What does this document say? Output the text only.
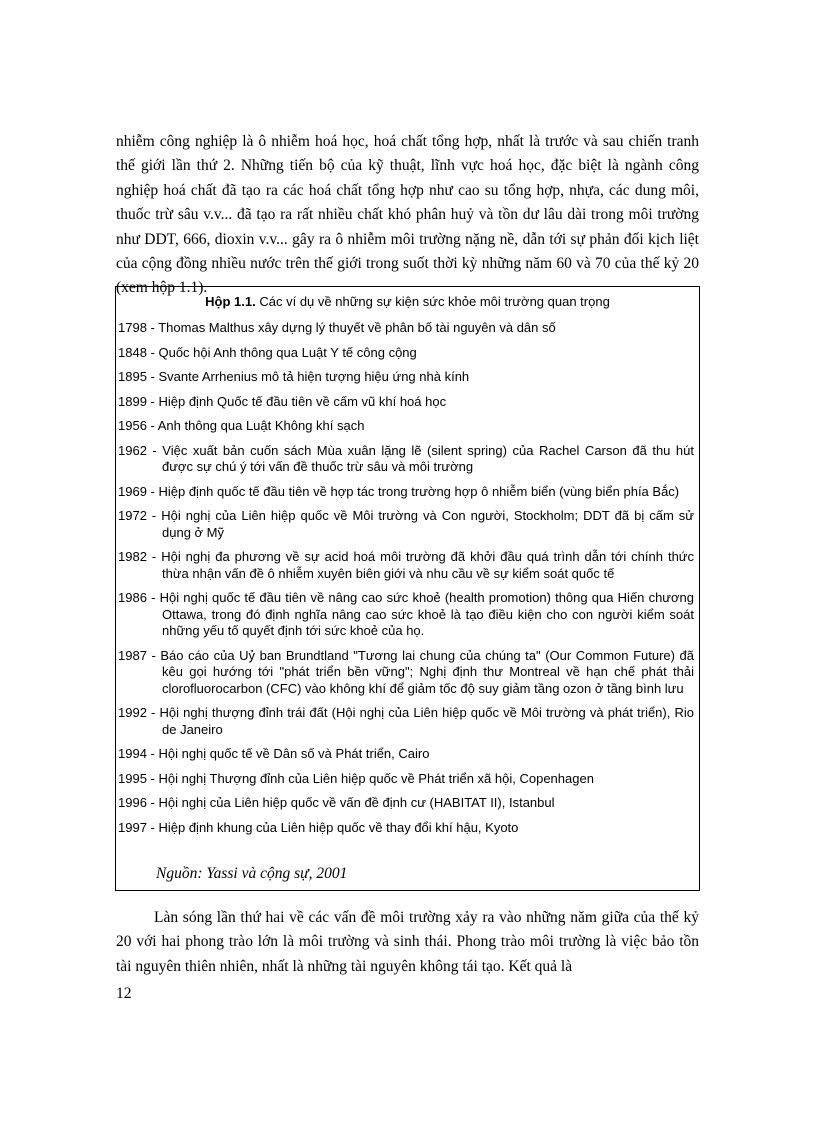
nhiễm công nghiệp là ô nhiễm hoá học, hoá chất tổng hợp, nhất là trước và sau chiến tranh thế giới lần thứ 2. Những tiến bộ của kỹ thuật, lĩnh vực hoá học, đặc biệt là ngành công nghiệp hoá chất đã tạo ra các hoá chất tổng hợp như cao su tổng hợp, nhựa, các dung môi, thuốc trừ sâu v.v... đã tạo ra rất nhiều chất khó phân huỷ và tồn dư lâu dài trong môi trường như DDT, 666, dioxin v.v... gây ra ô nhiễm môi trường nặng nề, dẫn tới sự phản đối kịch liệt của cộng đồng nhiều nước trên thế giới trong suốt thời kỳ những năm 60 và 70 của thế kỷ 20 (xem hộp 1.1).

Hộp 1.1. Các ví dụ về những sự kiện sức khỏe môi trường quan trọng
1798 - Thomas Malthus xây dựng lý thuyết về phân bố tài nguyên và dân số
1848 - Quốc hội Anh thông qua Luật Y tế công cộng
1895 - Svante Arrhenius mô tả hiện tượng hiệu ứng nhà kính
1899 - Hiệp định Quốc tế đầu tiên về cấm vũ khí hoá học
1956 - Anh thông qua Luật Không khí sạch
1962 - Việc xuất bản cuốn sách Mùa xuân lặng lẽ (silent spring) của Rachel Carson đã thu hút được sự chú ý tới vấn đề thuốc trừ sâu và môi trường
1969 - Hiệp định quốc tế đầu tiên về hợp tác trong trường hợp ô nhiễm biển (vùng biển phía Bắc)
1972 - Hội nghị của Liên hiệp quốc về Môi trường và Con người, Stockholm; DDT đã bị cấm sử dụng ở Mỹ
1982 - Hội nghị đa phương về sự acid hoá môi trường đã khởi đầu quá trình dẫn tới chính thức thừa nhận vấn đề ô nhiễm xuyên biên giới và nhu cầu về sự kiểm soát quốc tế
1986 - Hội nghị quốc tế đầu tiên về nâng cao sức khoẻ (health promotion) thông qua Hiến chương Ottawa, trong đó định nghĩa nâng cao sức khoẻ là tạo điều kiện cho con người kiểm soát những yếu tố quyết định tới sức khoẻ của họ.
1987 - Báo cáo của Uỷ ban Brundtland "Tương lai chung của chúng ta" (Our Common Future) đã kêu gọi hướng tới "phát triển bền vững"; Nghị định thư Montreal về hạn chế phát thải clorofluorocarbon (CFC) vào không khí để giảm tốc độ suy giảm tầng ozon ở tầng bình lưu
1992 - Hội nghị thượng đỉnh trái đất (Hội nghị của Liên hiệp quốc về Môi trường và phát triển), Rio de Janeiro
1994 - Hội nghị quốc tế về Dân số và Phát triển, Cairo
1995 - Hội nghị Thượng đỉnh của Liên hiệp quốc về Phát triển xã hội, Copenhagen
1996 - Hội nghị của Liên hiệp quốc về vấn đề định cư (HABITAT II), Istanbul
1997 - Hiệp định khung của Liên hiệp quốc về thay đổi khí hậu, Kyoto
Nguồn: Yassi và cộng sự, 2001

Làn sóng lần thứ hai về các vấn đề môi trường xảy ra vào những năm giữa của thế kỷ 20 với hai phong trào lớn là môi trường và sinh thái. Phong trào môi trường là việc bảo tồn tài nguyên thiên nhiên, nhất là những tài nguyên không tái tạo. Kết quả là

12
